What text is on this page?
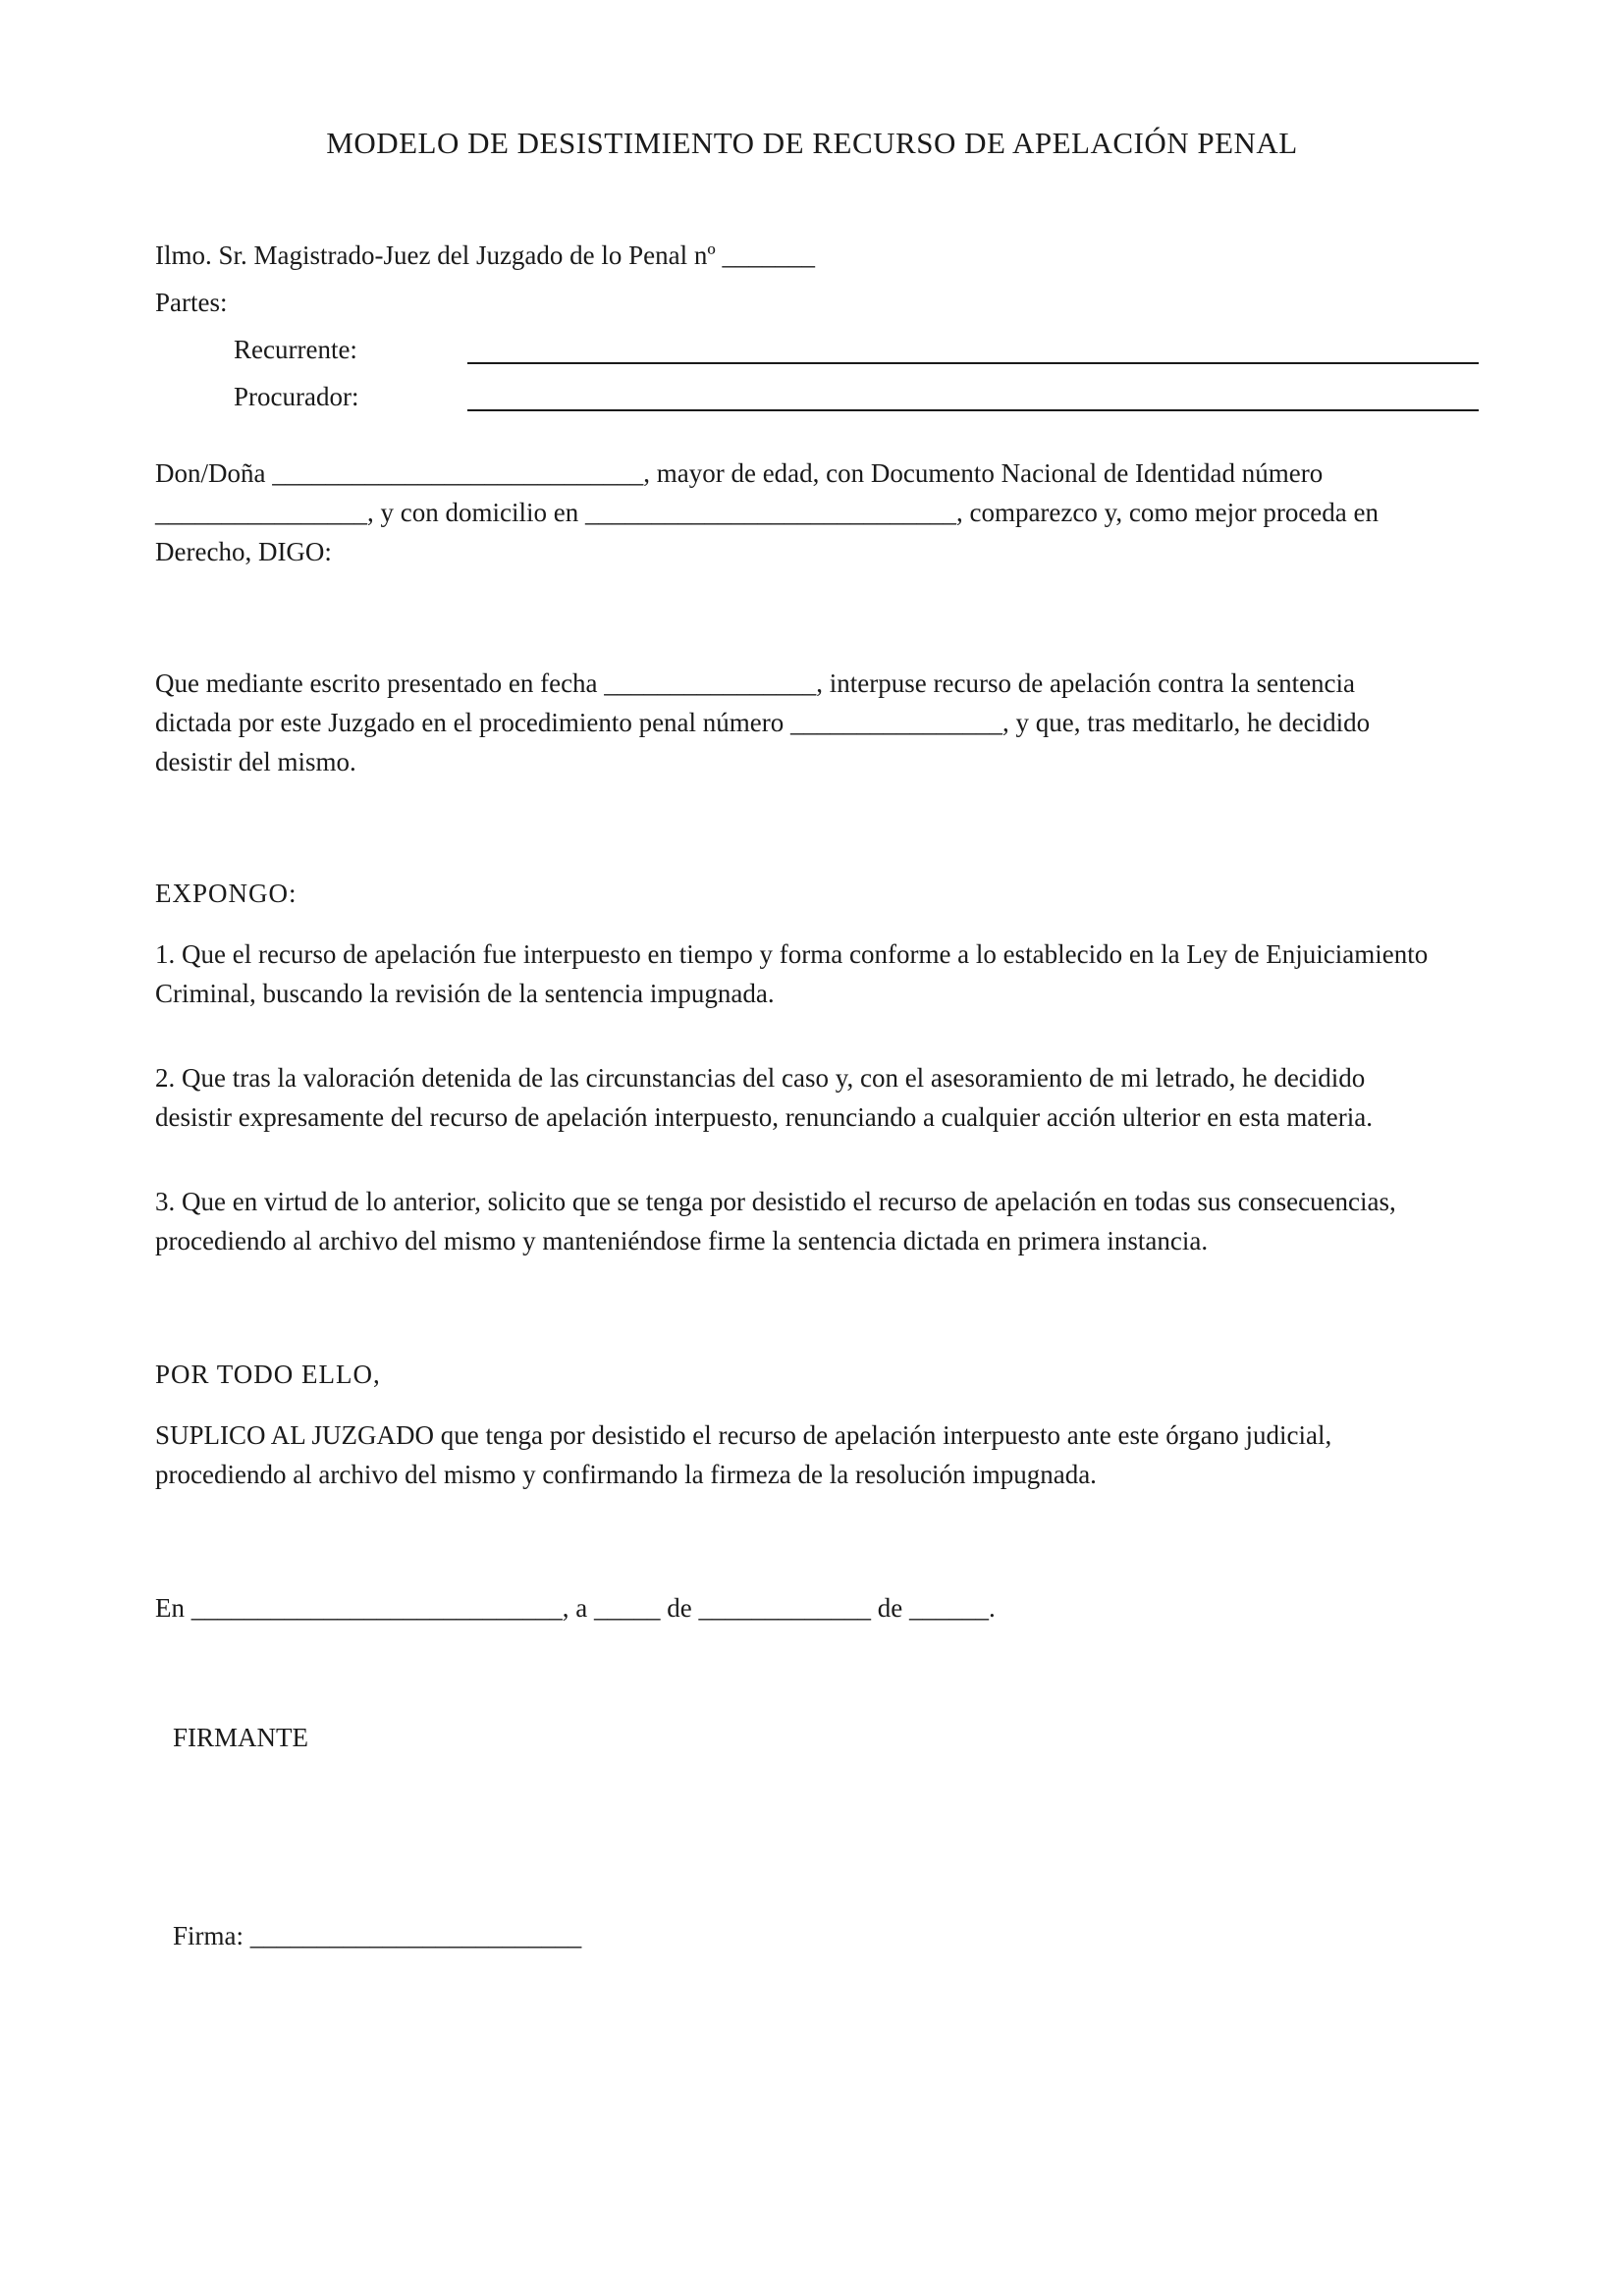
MODELO DE DESISTIMIENTO DE RECURSO DE APELACIÓN PENAL
Ilmo. Sr. Magistrado-Juez del Juzgado de lo Penal nº _______
Partes:
Recurrente:
Procurador:
Don/Doña ____________________________, mayor de edad, con Documento Nacional de Identidad número
________________, y con domicilio en ____________________________, comparezco y, como mejor proceda en
Derecho, DIGO:
Que mediante escrito presentado en fecha ________________, interpuse recurso de apelación contra la sentencia
dictada por este Juzgado en el procedimiento penal número ________________, y que, tras meditarlo, he decidido
desistir del mismo.
EXPONGO:
1. Que el recurso de apelación fue interpuesto en tiempo y forma conforme a lo establecido en la Ley de Enjuiciamiento
Criminal, buscando la revisión de la sentencia impugnada.
2. Que tras la valoración detenida de las circunstancias del caso y, con el asesoramiento de mi letrado, he decidido
desistir expresamente del recurso de apelación interpuesto, renunciando a cualquier acción ulterior en esta materia.
3. Que en virtud de lo anterior, solicito que se tenga por desistido el recurso de apelación en todas sus consecuencias,
procediendo al archivo del mismo y manteniéndose firme la sentencia dictada en primera instancia.
POR TODO ELLO,
SUPLICO AL JUZGADO que tenga por desistido el recurso de apelación interpuesto ante este órgano judicial,
procediendo al archivo del mismo y confirmando la firmeza de la resolución impugnada.
En ____________________________, a _____ de _____________ de ______.
FIRMANTE
Firma: _________________________
